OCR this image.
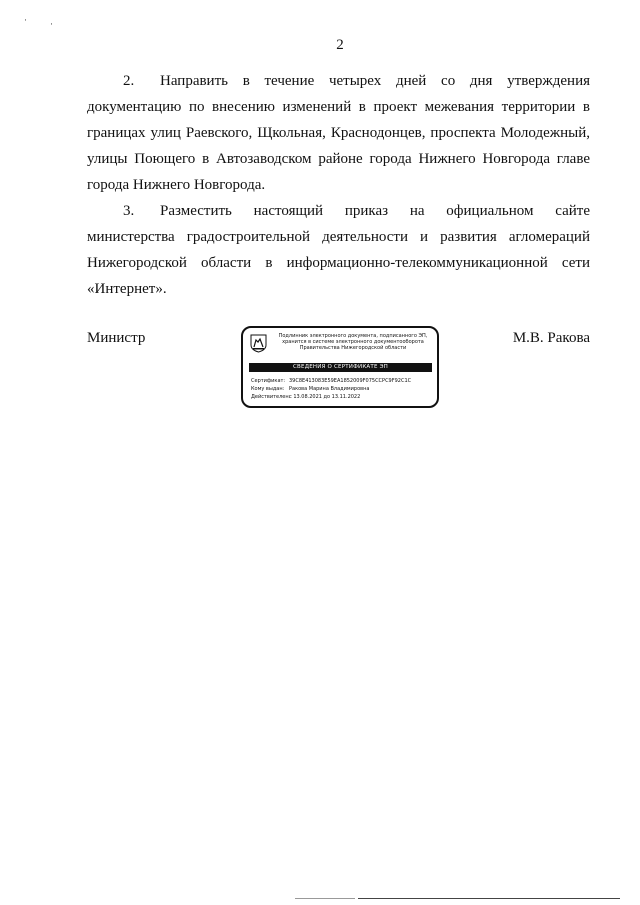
·	·
2

2. Направить в течение четырех дней со дня утверждения документацию по внесению изменений в проект межевания территории в границах улиц Раевского, Щкольная, Краснодонцев, проспекта Молодежный, улицы Поющего в Автозаводском районе города Нижнего Новгорода главе города Нижнего Новгорода.

3. Разместить настоящий приказ на официальном сайте министерства градостроительной деятельности и развития агломераций Нижегородской области в информационно-телекоммуникационной сети «Интернет».

Министр	Подлинник электронного документа, подписанного ЭП,
хранится в системе электронного документооборота
Правительства Нижегородской области
СВЕДЕНИЯ О СЕРТИФИКАТЕ ЭП
Сертификат: 39C8E413083E59EA1852009F075CCPC9F92C1C
Кому выдан: Ракова Марина Владимировна
Действителен:с 13.08.2021 до 13.11.2022
М.В. Ракова
